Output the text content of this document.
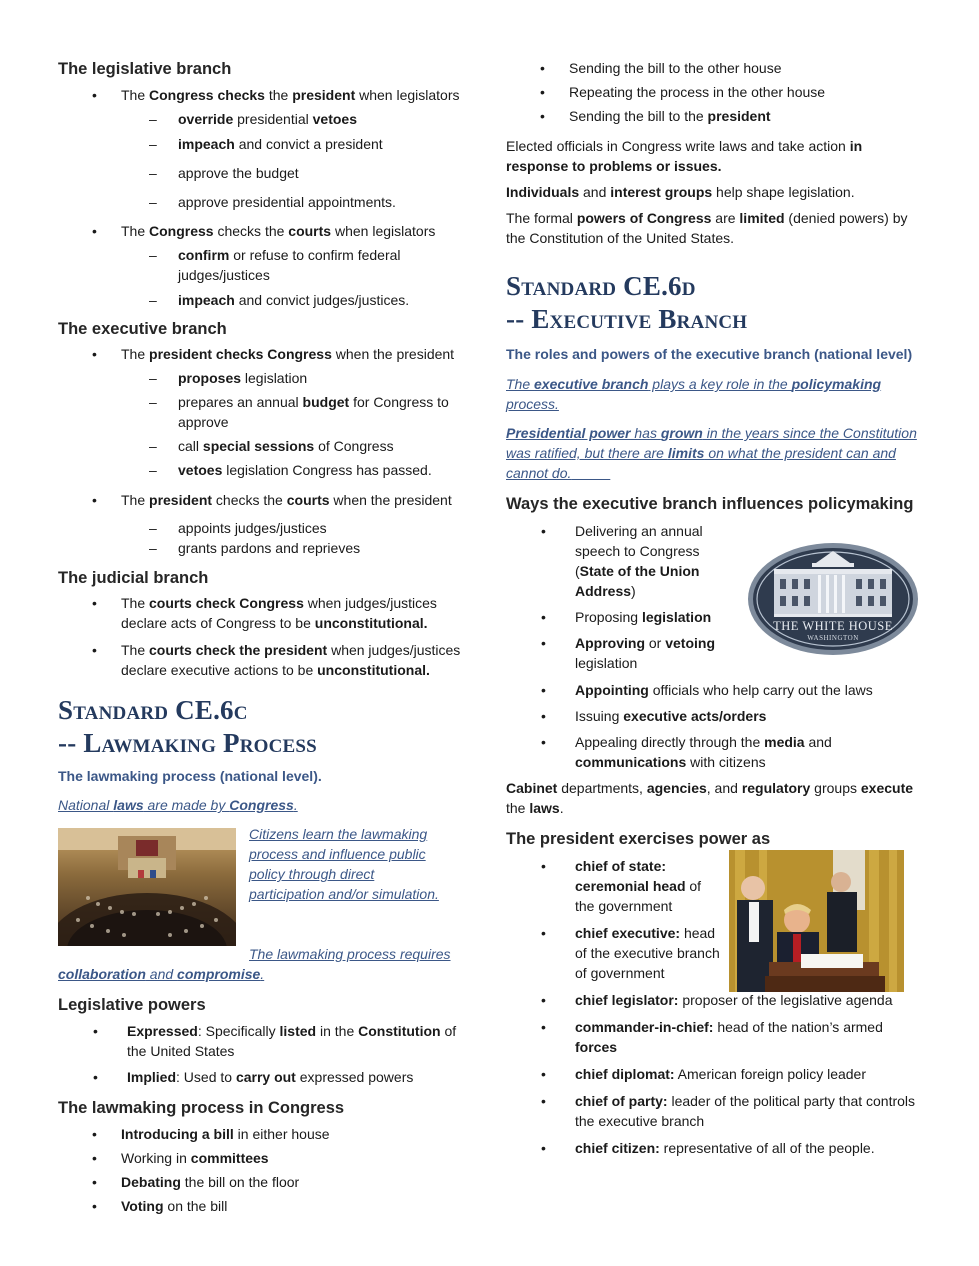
The legislative branch
• The Congress checks the president when legislators
– override presidential vetoes
– impeach and convict a president
– approve the budget
– approve presidential appointments.
• The Congress checks the courts when legislators
– confirm or refuse to confirm federal judges/justices
– impeach and convict judges/justices.
The executive branch
• The president checks Congress when the president
– proposes legislation
– prepares an annual budget for Congress to approve
– call special sessions of Congress
– vetoes legislation Congress has passed.
• The president checks the courts when the president
– appoints judges/justices
– grants pardons and reprieves
The judicial branch
• The courts check Congress when judges/justices declare acts of Congress to be unconstitutional.
• The courts check the president when judges/justices declare executive actions to be unconstitutional.
Standard CE.6c
-- Lawmaking Process

The lawmaking process (national level).

National laws are made by Congress.

Citizens learn the lawmaking process and influence public policy through direct participation and/or simulation.

The lawmaking process requires collaboration and compromise.

Legislative powers
• Expressed: Specifically listed in the Constitution of the United States
• Implied: Used to carry out expressed powers
The lawmaking process in Congress
• Introducing a bill in either house
• Working in committees
• Debating the bill on the floor
• Voting on the bill
• Sending the bill to the other house
• Repeating the process in the other house
• Sending the bill to the president

Elected officials in Congress write laws and take action in response to problems or issues.

Individuals and interest groups help shape legislation.

The formal powers of Congress are limited (denied powers) by the Constitution of the United States.

Standard CE.6d
-- Executive Branch

The roles and powers of the executive branch (national level)

The executive branch plays a key role in the policymaking process.

Presidential power has grown in the years since the Constitution was ratified, but there are limits on what the president can and cannot do.

Ways the executive branch influences policymaking
THE WHITE HOUSE
WASHINGTON
• Delivering an annual speech to Congress (State of the Union Address)
• Proposing legislation
• Approving or vetoing legislation
• Appointing officials who help carry out the laws
• Issuing executive acts/orders
• Appealing directly through the media and communications with citizens

Cabinet departments, agencies, and regulatory groups execute the laws.

The president exercises power as
• chief of state: ceremonial head of the government
• chief executive: head of the executive branch of government
• chief legislator: proposer of the legislative agenda
• commander-in-chief: head of the nation’s armed forces
• chief diplomat: American foreign policy leader
• chief of party: leader of the political party that controls the executive branch
• chief citizen: representative of all of the people.
